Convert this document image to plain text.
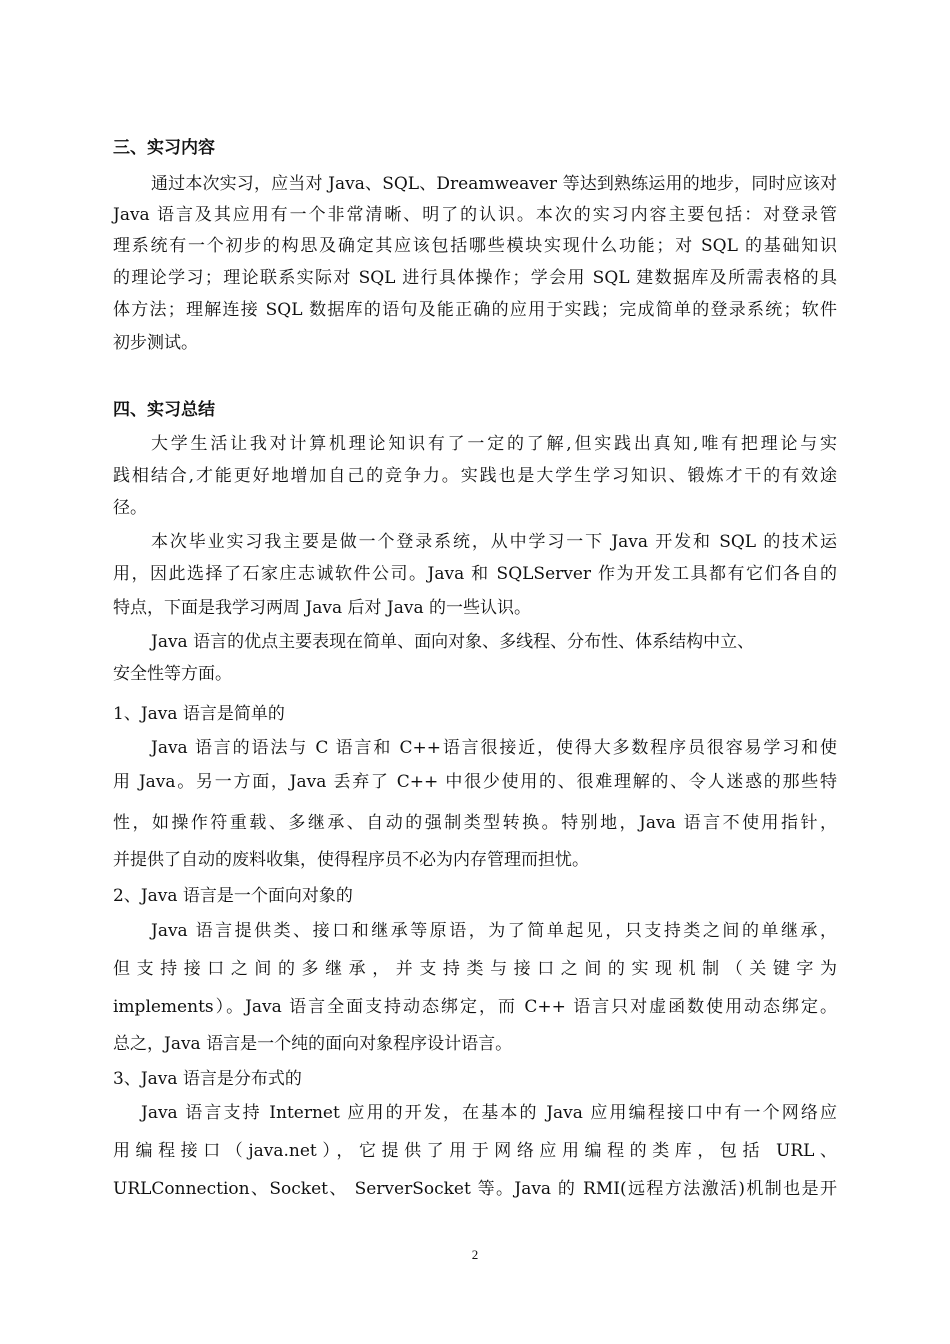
三、实习内容
通过本次实习，应当对 Java、SQL、Dreamweaver 等达到熟练运用的地步，同时应该对
Java 语言及其应用有一个非常清晰、明了的认识。本次的实习内容主要包括：对登录管
理系统有一个初步的构思及确定其应该包括哪些模块实现什么功能；对 SQL 的基础知识
的理论学习；理论联系实际对 SQL 进行具体操作；学会用 SQL 建数据库及所需表格的具
体方法；理解连接 SQL 数据库的语句及能正确的应用于实践；完成简单的登录系统；软件
初步测试。
四、实习总结
大学生活让我对计算机理论知识有了一定的了解,但实践出真知,唯有把理论与实
践相结合,才能更好地增加自己的竞争力。实践也是大学生学习知识、锻炼才干的有效途
径。
本次毕业实习我主要是做一个登录系统，从中学习一下 Java 开发和 SQL 的技术运
用，因此选择了石家庄志诚软件公司。Java 和 SQLServer 作为开发工具都有它们各自的
特点，下面是我学习两周 Java 后对 Java 的一些认识。
Java 语言的优点主要表现在简单、面向对象、多线程、分布性、体系结构中立、
安全性等方面。
1、Java 语言是简单的
Java 语言的语法与 C 语言和 C++语言很接近，使得大多数程序员很容易学习和使
用 Java。另一方面，Java 丢弃了 C++ 中很少使用的、很难理解的、令人迷惑的那些特
性，如操作符重载、多继承、自动的强制类型转换。特别地，Java 语言不使用指针，
并提供了自动的废料收集，使得程序员不必为内存管理而担忧。
2、Java 语言是一个面向对象的
Java 语言提供类、接口和继承等原语，为了简单起见，只支持类之间的单继承，
但支持接口之间的多继承，并支持类与接口之间的实现机制（关键字为
implements）。Java 语言全面支持动态绑定，而 C++ 语言只对虚函数使用动态绑定。
总之，Java 语言是一个纯的面向对象程序设计语言。
3、Java 语言是分布式的
Java 语言支持 Internet 应用的开发，在基本的 Java 应用编程接口中有一个网络应
用编程接口（java.net），它提供了用于网络应用编程的类库，包括 URL、
URLConnection、Socket、 ServerSocket 等。Java 的 RMI(远程方法激活)机制也是开
2
